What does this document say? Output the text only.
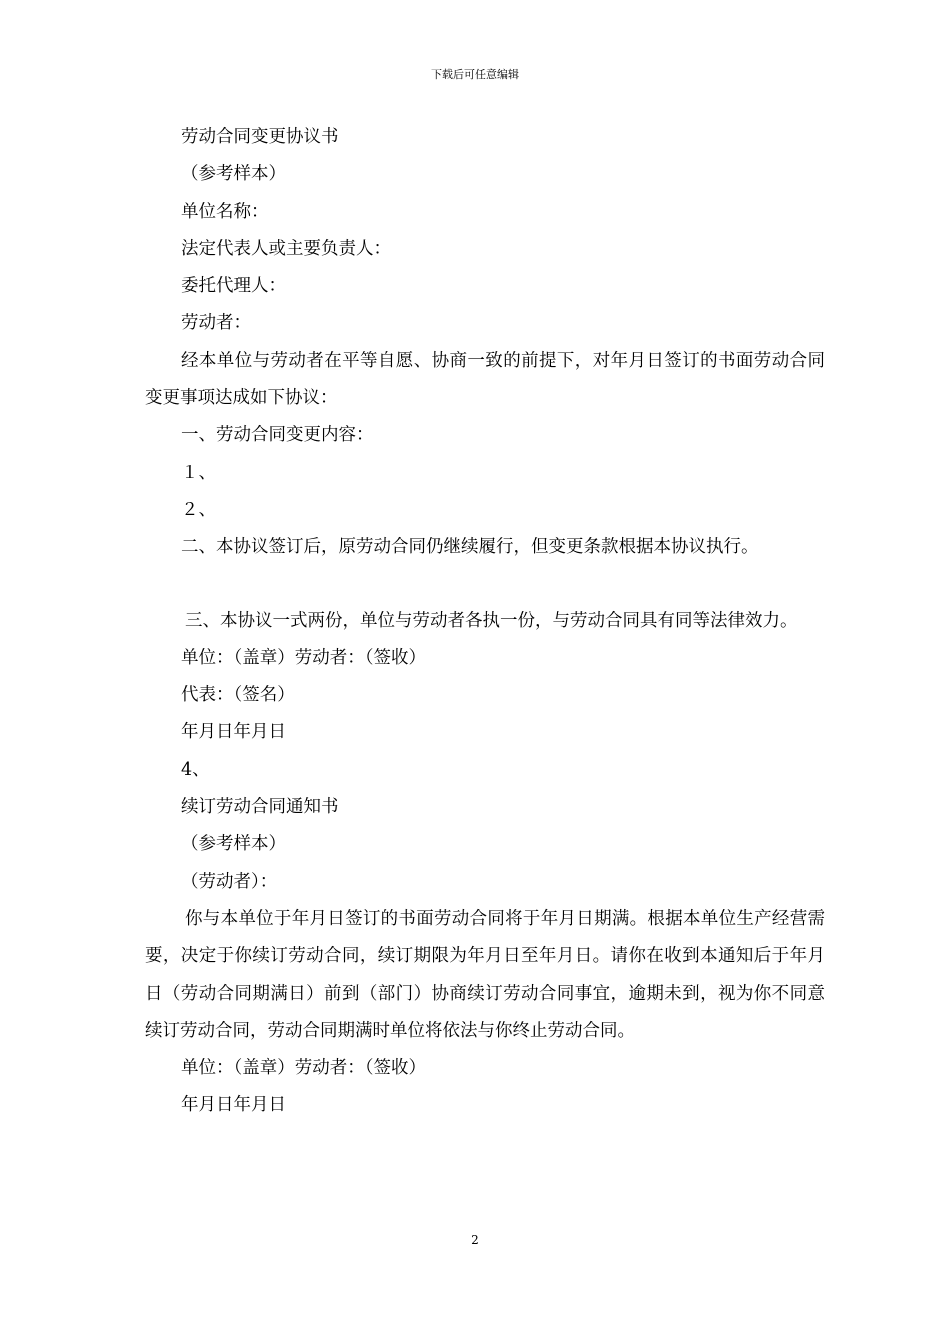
下载后可任意编辑

劳动合同变更协议书

（参考样本）

单位名称：

法定代表人或主要负责人：

委托代理人：

劳动者：

经本单位与劳动者在平等自愿、协商一致的前提下，对年月日签订的书面劳动合同变更事项达成如下协议：

一、劳动合同变更内容：

１、

２、

二、本协议签订后，原劳动合同仍继续履行，但变更条款根据本协议执行。

三、本协议一式两份，单位与劳动者各执一份，与劳动合同具有同等法律效力。

单位：（盖章）劳动者：（签收）

代表：（签名）

年月日年月日

4、

续订劳动合同通知书

（参考样本）

（劳动者）：

你与本单位于年月日签订的书面劳动合同将于年月日期满。根据本单位生产经营需要，决定于你续订劳动合同，续订期限为年月日至年月日。请你在收到本通知后于年月日（劳动合同期满日）前到（部门）协商续订劳动合同事宜，逾期未到，视为你不同意续订劳动合同，劳动合同期满时单位将依法与你终止劳动合同。

单位：（盖章）劳动者：（签收）

年月日年月日

2
